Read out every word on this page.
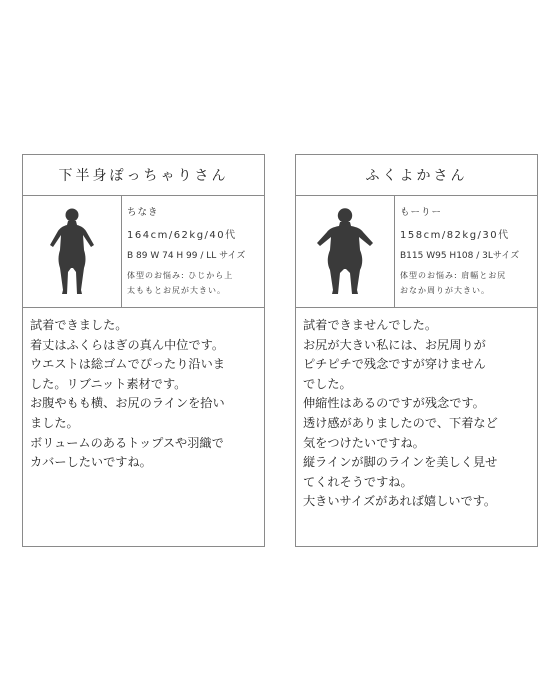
下半身ぽっちゃりさん
ちなき
164cm/62kg/40代
B 89 W 74 H 99 / LL サイズ
体型のお悩み: ひじから上
太ももとお尻が大きい。
試着できました。
着丈はふくらはぎの真ん中位です。
ウエストは総ゴムでぴったり沿いま
した。リブニット素材です。
お腹やもも横、お尻のラインを拾い
ました。
ボリュームのあるトップスや羽織で
カバーしたいですね。
ふくよかさん
もーりー
158cm/82kg/30代
B115 W95 H108 / 3Lサイズ
体型のお悩み: 肩幅とお尻
おなか周りが大きい。
試着できませんでした。
お尻が大きい私には、お尻周りが
ピチピチで残念ですが穿けません
でした。
伸縮性はあるのですが残念です。
透け感がありましたので、下着など
気をつけたいですね。
縦ラインが脚のラインを美しく見せ
てくれそうですね。
大きいサイズがあれば嬉しいです。
